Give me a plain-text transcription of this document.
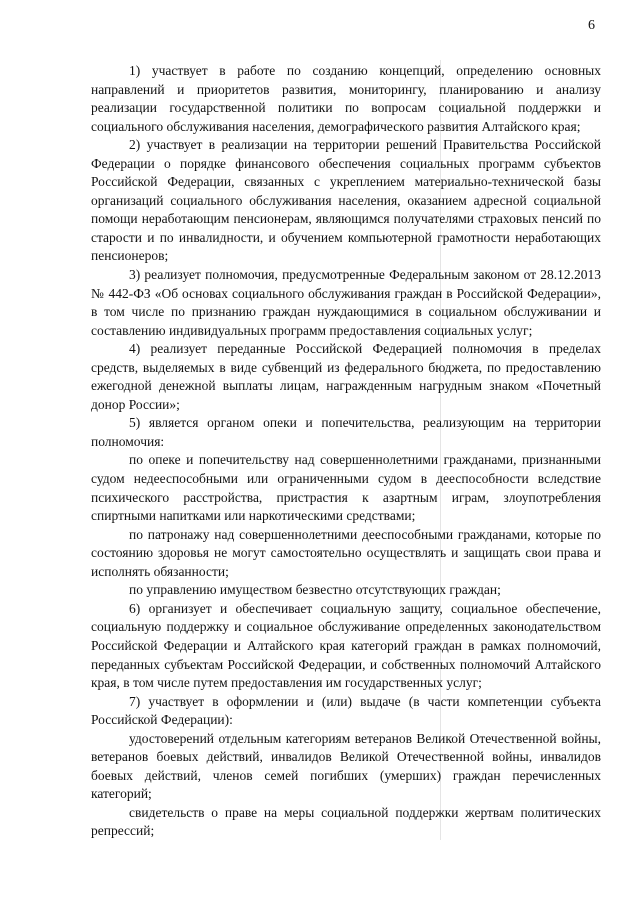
6

1) участвует в работе по созданию концепций, определению основных направлений и приоритетов развития, мониторингу, планированию и анализу реализации государственной политики по вопросам социальной поддержки и социального обслуживания населения, демографического развития Алтайского края;

2) участвует в реализации на территории решений Правительства Российской Федерации о порядке финансового обеспечения социальных программ субъектов Российской Федерации, связанных с укреплением материально-технической базы организаций социального обслуживания населения, оказанием адресной социальной помощи неработающим пенсионерам, являющимся получателями страховых пенсий по старости и по инвалидности, и обучением компьютерной грамотности неработающих пенсионеров;

3) реализует полномочия, предусмотренные Федеральным законом от 28.12.2013 № 442-ФЗ «Об основах социального обслуживания граждан в Российской Федерации», в том числе по признанию граждан нуждающимися в социальном обслуживании и составлению индивидуальных программ предоставления социальных услуг;

4) реализует переданные Российской Федерацией полномочия в пределах средств, выделяемых в виде субвенций из федерального бюджета, по предоставлению ежегодной денежной выплаты лицам, награжденным нагрудным знаком «Почетный донор России»;

5) является органом опеки и попечительства, реализующим на территории полномочия:

по опеке и попечительству над совершеннолетними гражданами, признанными судом недееспособными или ограниченными судом в дееспособности вследствие психического расстройства, пристрастия к азартным играм, злоупотребления спиртными напитками или наркотическими средствами;

по патронажу над совершеннолетними дееспособными гражданами, которые по состоянию здоровья не могут самостоятельно осуществлять и защищать свои права и исполнять обязанности;

по управлению имуществом безвестно отсутствующих граждан;

6) организует и обеспечивает социальную защиту, социальное обеспечение, социальную поддержку и социальное обслуживание определенных законодательством Российской Федерации и Алтайского края категорий граждан в рамках полномочий, переданных субъектам Российской Федерации, и собственных полномочий Алтайского края, в том числе путем предоставления им государственных услуг;

7) участвует в оформлении и (или) выдаче (в части компетенции субъекта Российской Федерации):

удостоверений отдельным категориям ветеранов Великой Отечественной войны, ветеранов боевых действий, инвалидов Великой Отечественной войны, инвалидов боевых действий, членов семей погибших (умерших) граждан перечисленных категорий;

свидетельств о праве на меры социальной поддержки жертвам политических репрессий;
